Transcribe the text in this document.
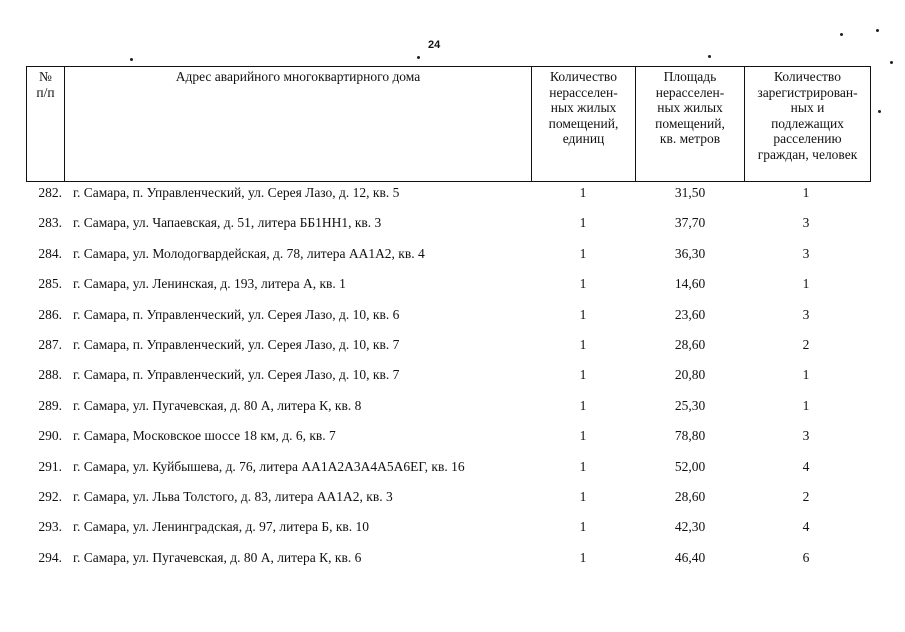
24
№
п/п	Адрес аварийного многоквартирного дома	Количество
нерасселен-
ных жилых
помещений,
единиц	Площадь
нерасселен-
ных жилых
помещений,
кв. метров	Количество
зарегистрирован-
ных и
подлежащих
расселению
граждан, человек
282. г. Самара, п. Управленческий, ул. Серея Лазо, д. 12, кв. 5	1	31,50	1
283. г. Самара, ул. Чапаевская, д. 51, литера ББ1НН1, кв. 3	1	37,70	3
284. г. Самара, ул. Молодогвардейская, д. 78, литера АА1А2, кв. 4	1	36,30	3
285. г. Самара, ул. Ленинская, д. 193, литера А, кв. 1	1	14,60	1
286. г. Самара, п. Управленческий, ул. Серея Лазо, д. 10, кв. 6	1	23,60	3
287. г. Самара, п. Управленческий, ул. Серея Лазо, д. 10, кв. 7	1	28,60	2
288. г. Самара, п. Управленческий, ул. Серея Лазо, д. 10, кв. 7	1	20,80	1
289. г. Самара, ул. Пугачевская, д. 80 А, литера К, кв. 8	1	25,30	1
290. г. Самара, Московское шоссе 18 км, д. 6, кв. 7	1	78,80	3
291. г. Самара, ул. Куйбышева, д. 76, литера АА1А2А3А4А5А6ЕГ, кв. 16	1	52,00	4
292. г. Самара, ул. Льва Толстого, д. 83, литера АА1А2, кв. 3	1	28,60	2
293. г. Самара, ул. Ленинградская, д. 97, литера Б, кв. 10	1	42,30	4
294. г. Самара, ул. Пугачевская, д. 80 А, литера К, кв. 6	1	46,40	6
